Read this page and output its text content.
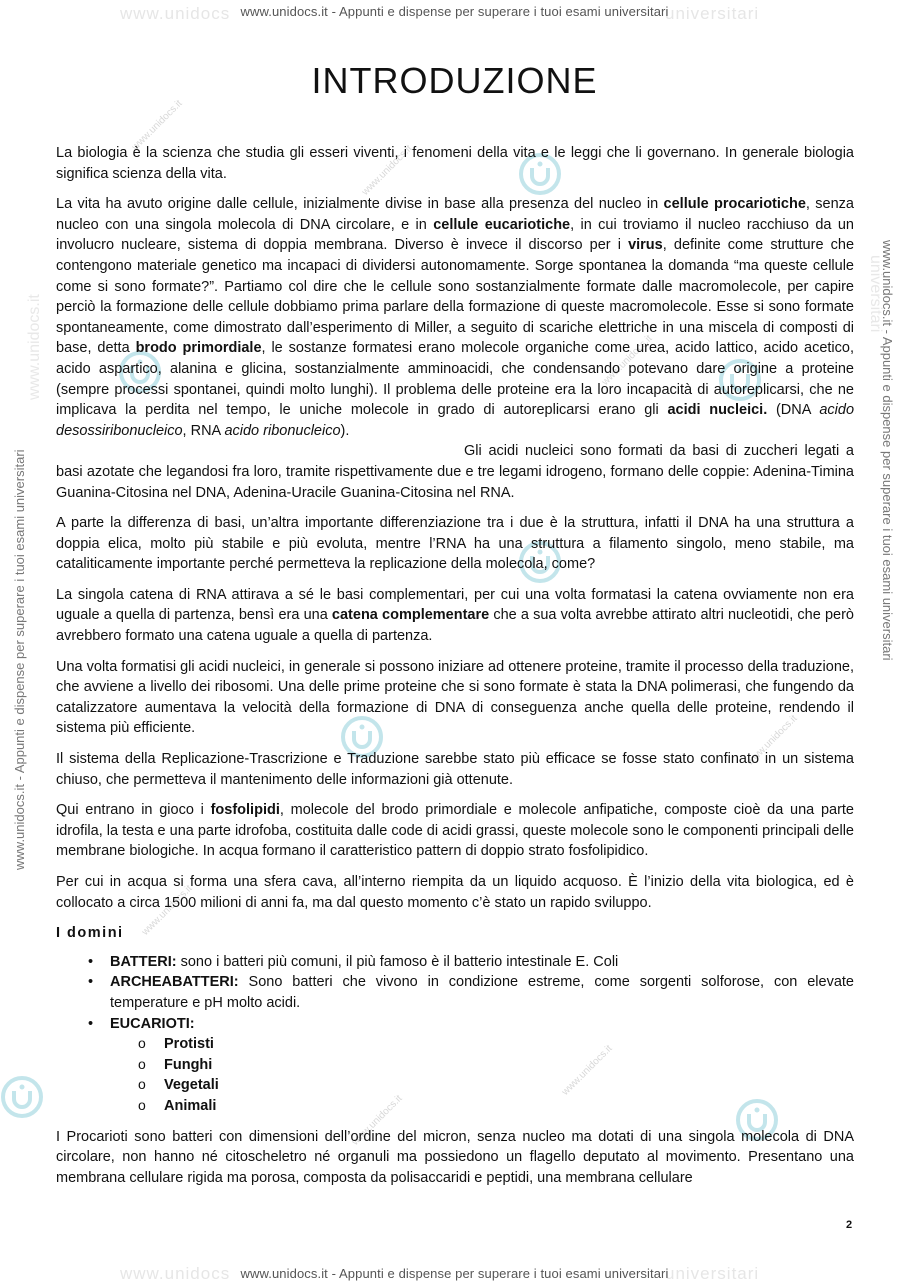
www.unidocs	universitari
www.unidocs.it - Appunti e dispense per superare i tuoi esami universitari
www.unidocs	universitari
www.unidocs.it - Appunti e dispense per superare i tuoi esami universitari
www.unidocs.it - Appunti e dispense per superare i tuoi esami universitari
www.unidocs.it - Appunti e dispense per superare i tuoi esami universitari
universitari
www.unidocs.it
www.unidocs.it
www.unidocs.it
www.unidocs.it
www.unidocs.it
www.unidocs.it
www.unidocs.it
www.unidocs.it
INTRODUZIONE

La biologia è la scienza che studia gli esseri viventi, i fenomeni della vita e le leggi che li governano. In generale biologia significa scienza della vita.

La vita ha avuto origine dalle cellule, inizialmente divise in base alla presenza del nucleo in cellule procariotiche, senza nucleo con una singola molecola di DNA circolare, e in cellule eucariotiche, in cui troviamo il nucleo racchiuso da un involucro nucleare, sistema di doppia membrana. Diverso è invece il discorso per i virus, definite come strutture che contengono materiale genetico ma incapaci di dividersi autonomamente. Sorge spontanea la domanda “ma queste cellule come si sono formate?”. Partiamo col dire che le cellule sono sostanzialmente formate dalle macromolecole, per capire perciò la formazione delle cellule dobbiamo prima parlare della formazione di queste macromolecole. Esse si sono formate spontaneamente, come dimostrato dall’esperimento di Miller, a seguito di scariche elettriche in una miscela di composti di base, detta brodo primordiale, le sostanze formatesi erano molecole organiche come urea, acido lattico, acido acetico, acido aspartico, alanina e glicina, sostanzialmente amminoacidi, che condensando potevano dare origine a proteine (sempre processi spontanei, quindi molto lunghi). Il problema delle proteine era la loro incapacità di autoreplicarsi, che ne implicava la perdita nel tempo, le uniche molecole in grado di autoreplicarsi erano gli acidi nucleici. (DNA acido desossiribonucleico, RNA acido ribonucleico).
Gli acidi nucleici sono formati da basi di zuccheri legati a basi azotate che legandosi fra loro, tramite rispettivamente due e tre legami idrogeno, formano delle coppie: Adenina-Timina Guanina-Citosina nel DNA, Adenina-Uracile Guanina-Citosina nel RNA.

A parte la differenza di basi, un’altra importante differenziazione tra i due è la struttura, infatti il DNA ha una struttura a doppia elica, molto più stabile e più evoluta, mentre l’RNA ha una struttura a filamento singolo, meno stabile, ma cataliticamente importante perché permetteva la replicazione della molecola, come?

La singola catena di RNA attirava a sé le basi complementari, per cui una volta formatasi la catena ovviamente non era uguale a quella di partenza, bensì era una catena complementare che a sua volta avrebbe attirato altri nucleotidi, che però avrebbero formato una catena uguale a quella di partenza.

Una volta formatisi gli acidi nucleici, in generale si possono iniziare ad ottenere proteine, tramite il processo della traduzione, che avviene a livello dei ribosomi. Una delle prime proteine che si sono formate è stata la DNA polimerasi, che fungendo da catalizzatore aumentava la velocità della formazione di DNA di conseguenza anche quella delle proteine, rendendo il sistema più efficiente.

Il sistema della Replicazione-Trascrizione e Traduzione sarebbe stato più efficace se fosse stato confinato in un sistema chiuso, che permetteva il mantenimento delle informazioni già ottenute.

Qui entrano in gioco i fosfolipidi, molecole del brodo primordiale e molecole anfipatiche, composte cioè da una parte idrofila, la testa e una parte idrofoba, costituita dalle code di acidi grassi, queste molecole sono le componenti principali delle membrane biologiche. In acqua formano il caratteristico pattern di doppio strato fosfolipidico.

Per cui in acqua si forma una sfera cava, all’interno riempita da un liquido acquoso. È l’inizio della vita biologica, ed è collocato a circa 1500 milioni di anni fa, ma dal questo momento c’è stato un rapido sviluppo.

I domini
• BATTERI: sono i batteri più comuni, il più famoso è il batterio intestinale E. Coli
• ARCHEABATTERI: Sono batteri che vivono in condizione estreme, come sorgenti solforose, con elevate temperature e pH molto acidi.
• EUCARIOTI:
o Protisti
o Funghi
o Vegetali
o Animali

I Procarioti sono batteri con dimensioni dell’ordine del micron, senza nucleo ma dotati di una singola molecola di DNA circolare, non hanno né citoscheletro né organuli ma possiedono un flagello deputato al movimento. Presentano una membrana cellulare rigida ma porosa, composta da polisaccaridi e peptidi, una membrana cellulare

2
